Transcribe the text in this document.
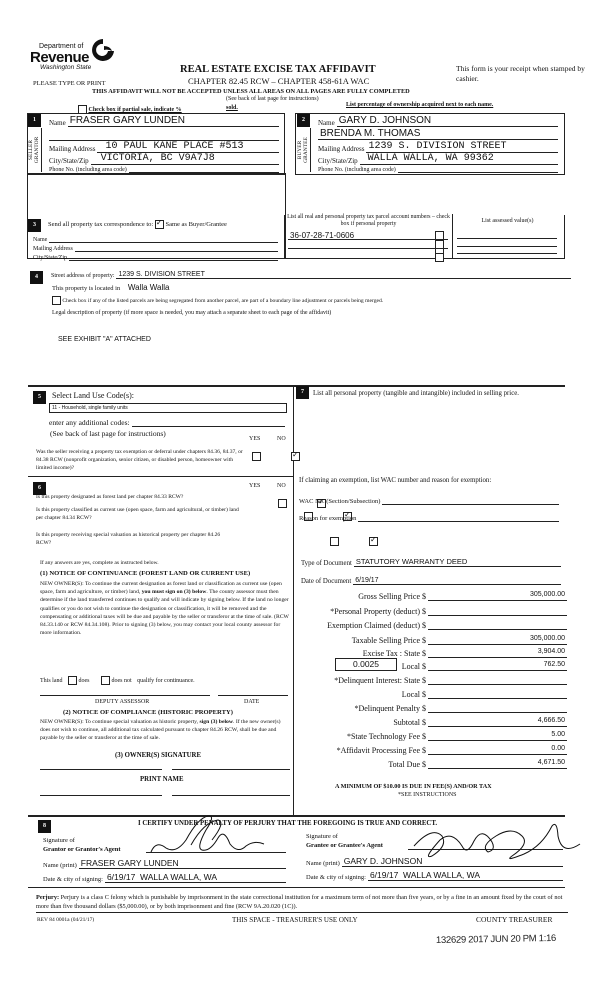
Department of
Revenue
Washington State	REAL ESTATE EXCISE TAX AFFIDAVIT
CHAPTER 82.45 RCW – CHAPTER 458-61A WAC
This form is your receipt when stamped by cashier.
PLEASE TYPE OR PRINT
THIS AFFIDAVIT WILL NOT BE ACCEPTED UNLESS ALL AREAS ON ALL PAGES ARE FULLY COMPLETED
(See back of last page for instructions)
Check box if partial sale, indicate %	sold.	List percentage of ownership acquired next to each name.
1
SELLER GRANTOR
Name FRASER GARY LUNDEN
Mailing Address 10 PAUL KANE PLACE #513
City/State/Zip VICTORIA, BC V9A7J8
Phone No. (including area code)
2
BUYER GRANTEE
Name GARY D. JOHNSON
BRENDA M. THOMAS
Mailing Address 1239 S. DIVISION STREET
City/State/Zip WALLA WALLA, WA 99362
Phone No. (including area code)
3	Send all property tax correspondence to: ✓ Same as Buyer/Grantee
Name
Mailing Address
City/State/Zip
List all real and personal property tax parcel account numbers – check box if personal property	List assessed value(s)
36-07-28-71-0606
4	Street address of property: 1239 S. DIVISION STREET
This property is located in Walla Walla
Check box if any of the listed parcels are being segregated from another parcel, are part of a boundary line adjustment or parcels being merged.
Legal description of property (if more space is needed, you may attach a separate sheet to each page of the affidavit)
SEE EXHIBIT "A" ATTACHED
5	Select Land Use Code(s):
11 - Household, single family units
enter any additional codes:
(See back of last page for instructions)
YES	NO
Was the seller receiving a property tax exemption or deferral under chapters 84.36, 84.37, or 84.38 RCW (nonprofit organization, senior citizen, or disabled person, homeowner with limited income)?
✓
6	YES	NO
Is this property designated as forest land per chapter 84.33 RCW?
✓
Is this property classified as current use (open space, farm and agricultural, or timber) land per chapter 84.34 RCW?
✓
Is this property receiving special valuation as historical property per chapter 84.26 RCW?
✓
If any answers are yes, complete as instructed below.
(1) NOTICE OF CONTINUANCE (FOREST LAND OR CURRENT USE)
NEW OWNER(S): To continue the current designation as forest land or classification as current use (open space, farm and agriculture, or timber) land, you must sign on (3) below. The county assessor must then determine if the land transferred continues to qualify and will indicate by signing below. If the land no longer qualifies or you do not wish to continue the designation or classification, it will be removed and the compensating or additional taxes will be due and payable by the seller or transferor at the time of sale. (RCW 84.33.140 or RCW 84.34.108). Prior to signing (3) below, you may contact your local county assessor for more information.
This land	does	does not qualify for continuance.
DEPUTY ASSESSOR	DATE
(2) NOTICE OF COMPLIANCE (HISTORIC PROPERTY)
NEW OWNER(S): To continue special valuation as historic property, sign (3) below. If the new owner(s) does not wish to continue, all additional tax calculated pursuant to chapter 84.26 RCW, shall be due and payable by the seller or transferor at the time of sale.
(3) OWNER(S) SIGNATURE
PRINT NAME
7	List all personal property (tangible and intangible) included in selling price.
If claiming an exemption, list WAC number and reason for exemption:
WAC No. (Section/Subsection)
Reason for exemption
Type of Document STATUTORY WARRANTY DEED
Date of Document 6/19/17
Gross Selling Price $	305,000.00
*Personal Property (deduct) $
Exemption Claimed (deduct) $
Taxable Selling Price $	305,000.00
Excise Tax : State $	3,904.00
0.0025	Local $	762.50
*Delinquent Interest: State $
Local $
*Delinquent Penalty $
Subtotal $	4,666.50
*State Technology Fee $	5.00
*Affidavit Processing Fee $	0.00
Total Due $	4,671.50
A MINIMUM OF $10.00 IS DUE IN FEE(S) AND/OR TAX
*SEE INSTRUCTIONS
8	I CERTIFY UNDER PENALTY OF PERJURY THAT THE FOREGOING IS TRUE AND CORRECT.
Signature of
Grantor or Grantor's Agent
Name (print) FRASER GARY LUNDEN
Date & city of signing: 6/19/17  WALLA WALLA, WA
Signature of
Grantee or Grantee's Agent
Name (print) GARY D. JOHNSON
Date & city of signing: 6/19/17  WALLA WALLA, WA
Perjury: Perjury is a class C felony which is punishable by imprisonment in the state correctional institution for a maximum term of not more than five years, or by a fine in an amount fixed by the court of not more than five thousand dollars ($5,000.00), or by both imprisonment and fine (RCW 9A.20.020 (1C)).
REV 84 0001a (04/21/17)	THIS SPACE - TREASURER'S USE ONLY	COUNTY TREASURER
132629 2017 JUN 20 PM 1:16
